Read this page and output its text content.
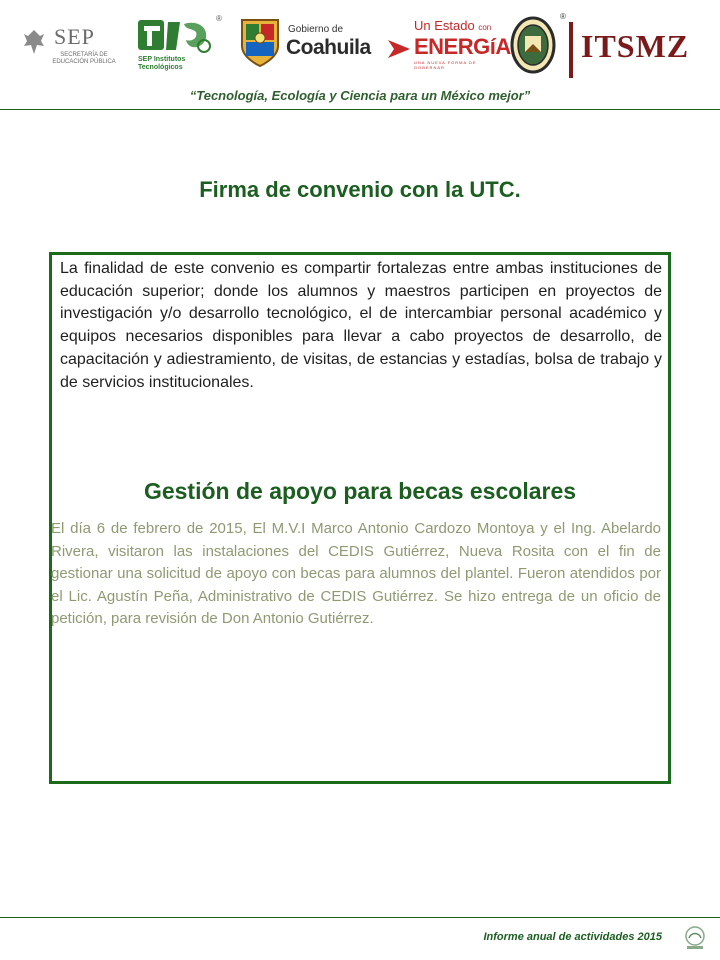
SEP
SECRETARÍA DE EDUCACIÓN PÚBLICA
®
SEP Institutos Tecnológicos
Gobierno de
Coahuila
Un Estado con
ENERGíA
UNA NUEVA FORMA DE GOBERNAR
®
ITSMZ
“Tecnología, Ecología y Ciencia para un México mejor”
Firma de convenio con la UTC.

La finalidad de este convenio es compartir fortalezas entre ambas instituciones de educación superior; donde los alumnos y maestros participen en proyectos de investigación y/o desarrollo tecnológico, el de intercambiar personal académico y equipos necesarios disponibles para llevar a cabo proyectos de desarrollo, de capacitación y adiestramiento, de visitas, de estancias y estadías, bolsa de trabajo y de servicios institucionales.

Gestión de apoyo para becas escolares

El día 6 de febrero de 2015, El M.V.I Marco Antonio Cardozo Montoya y el Ing. Abelardo Rivera, visitaron las instalaciones del CEDIS Gutiérrez, Nueva Rosita con el fin de gestionar una solicitud de apoyo con becas para alumnos del plantel. Fueron atendidos por el Lic. Agustín Peña, Administrativo de CEDIS Gutiérrez. Se hizo entrega de un oficio de petición, para revisión de Don Antonio Gutiérrez.

Informe anual de actividades 2015
